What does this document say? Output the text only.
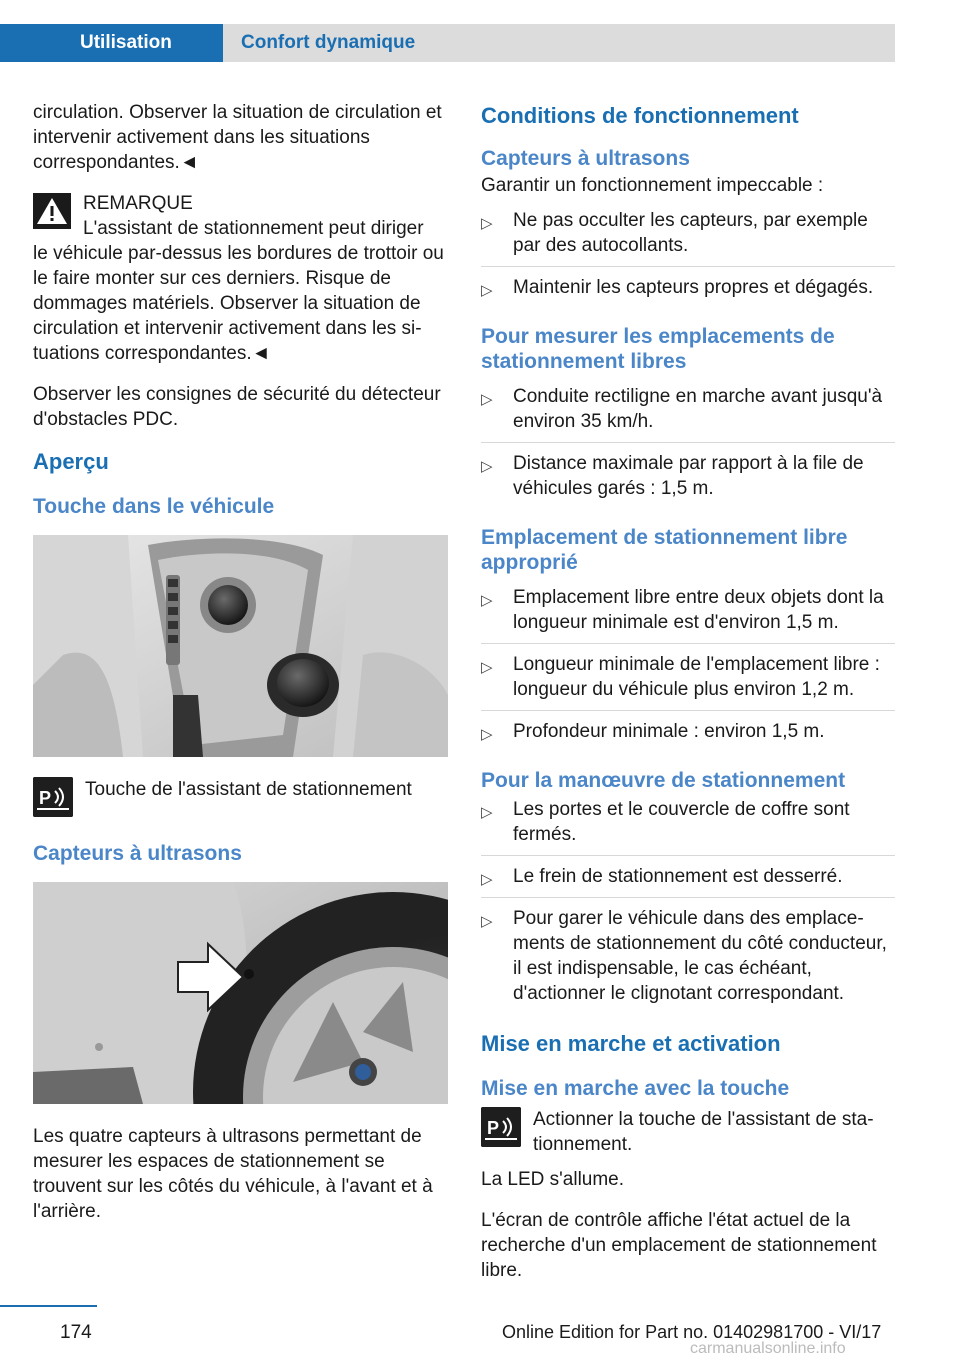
Utilisation	Confort dynamique

circulation. Observer la situation de circulation et intervenir activement dans les situations correspondantes.◄

REMARQUE
L'assistant de stationnement peut diriger
le véhicule par-dessus les bordures de trottoir ou le faire monter sur ces derniers. Risque de dommages matériels. Observer la situation de circulation et intervenir activement dans les situations correspondantes.◄

Observer les consignes de sécurité du détecteur d'obstacles PDC.

Aperçu
Touche dans le véhicule
P Touche de l'assistant de stationnement
Capteurs à ultrasons

Les quatre capteurs à ultrasons permettant de mesurer les espaces de stationnement se trouvent sur les côtés du véhicule, à l'avant et à l'arrière.

Conditions de fonctionnement
Capteurs à ultrasons

Garantir un fonctionnement impeccable :

▷ Ne pas occulter les capteurs, par exemple par des autocollants.
▷ Maintenir les capteurs propres et dégagés.
Pour mesurer les emplacements de stationnement libres
▷ Conduite rectiligne en marche avant jusqu'à environ 35 km/h.
▷ Distance maximale par rapport à la file de véhicules garés : 1,5 m.
Emplacement de stationnement libre approprié
▷ Emplacement libre entre deux objets dont la longueur minimale est d'environ 1,5 m.
▷ Longueur minimale de l'emplacement libre : longueur du véhicule plus environ 1,2 m.
▷ Profondeur minimale : environ 1,5 m.
Pour la manœuvre de stationnement
▷ Les portes et le couvercle de coffre sont fermés.
▷ Le frein de stationnement est desserré.
▷ Pour garer le véhicule dans des emplacements de stationnement du côté conducteur, il est indispensable, le cas échéant, d'actionner le clignotant correspondant.
Mise en marche et activation
Mise en marche avec la touche
P Actionner la touche de l'assistant de stationnement.

La LED s'allume.

L'écran de contrôle affiche l'état actuel de la recherche d'un emplacement de stationnement libre.

174	Online Edition for Part no. 01402981700 - VI/17
carmanualsonline.info
